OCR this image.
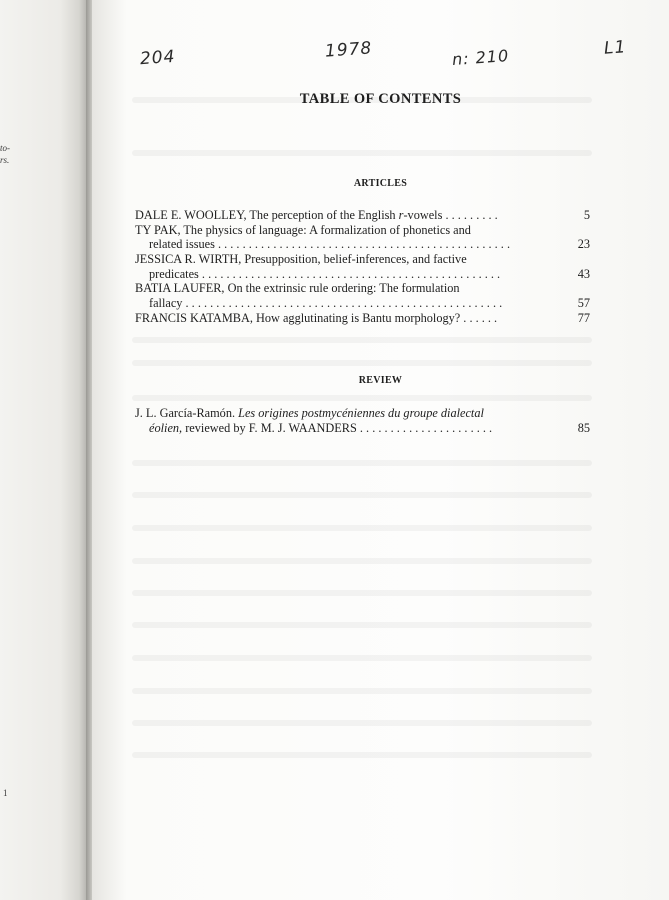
to-
rs.
1
204	1978	n: 210	L1
TABLE OF CONTENTS
ARTICLES
DALE E. WOOLLEY, The perception of the English r-vowels . . . . . . . . .	5
TY PAK, The physics of language: A formalization of phonetics and
related issues . . . . . . . . . . . . . . . . . . . . . . . . . . . . . . . . . . . . . . . . . . . . . . . .	23
JESSICA R. WIRTH, Presupposition, belief-inferences, and factive
predicates . . . . . . . . . . . . . . . . . . . . . . . . . . . . . . . . . . . . . . . . . . . . . . . . .	43
BATIA LAUFER, On the extrinsic rule ordering: The formulation
fallacy . . . . . . . . . . . . . . . . . . . . . . . . . . . . . . . . . . . . . . . . . . . . . . . . . . . .	57
FRANCIS KATAMBA, How agglutinating is Bantu morphology? . . . . . .	77
REVIEW
J. L. García-Ramón. Les origines postmycéniennes du groupe dialectal
éolien, reviewed by F. M. J. WAANDERS . . . . . . . . . . . . . . . . . . . . . .	85
